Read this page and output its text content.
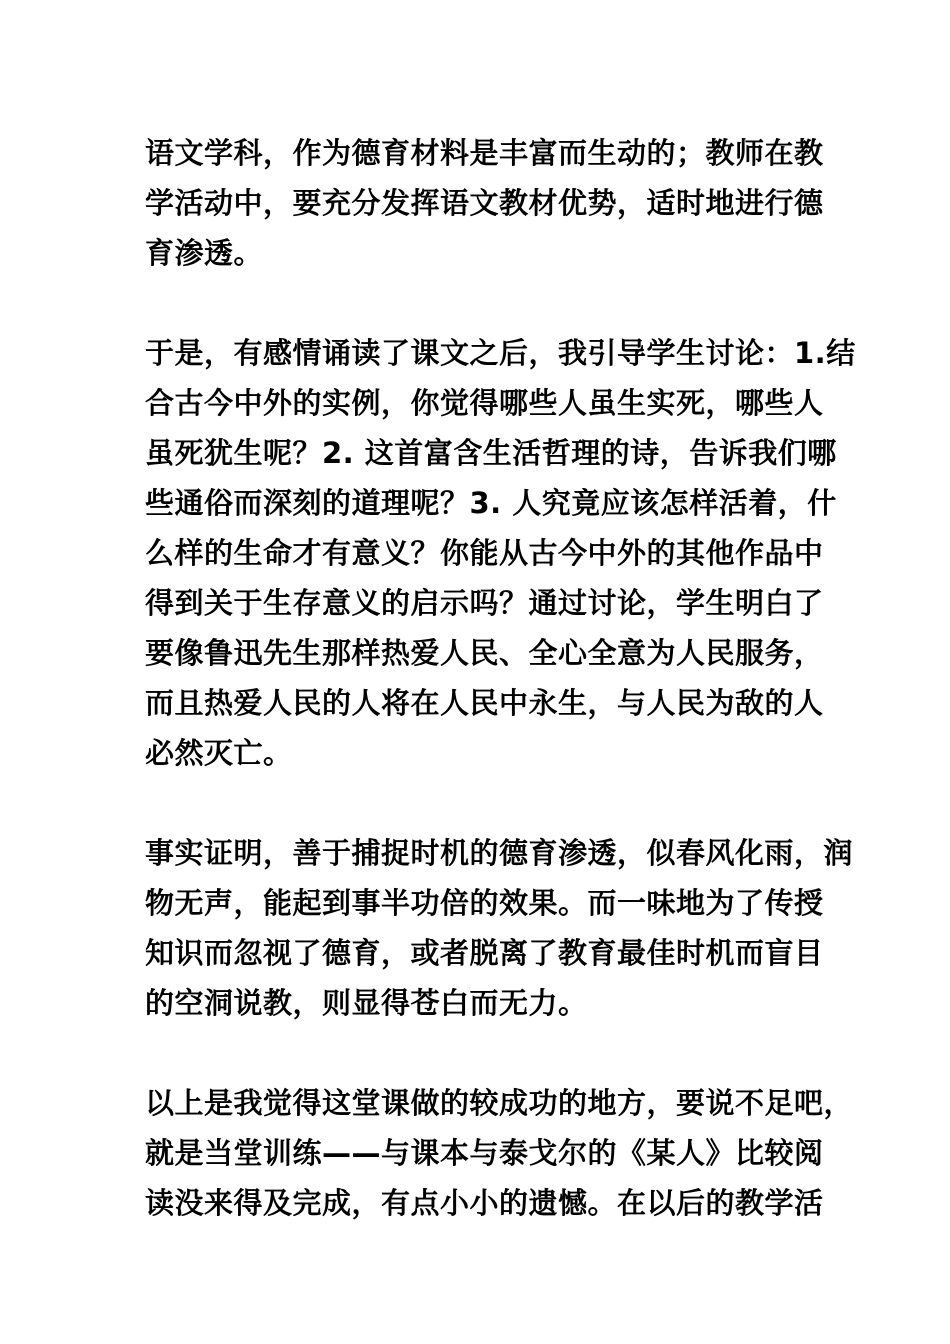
语文学科，作为德育材料是丰富而生动的；教师在教
学活动中，要充分发挥语文教材优势，适时地进行德
育渗透。
于是，有感情诵读了课文之后，我引导学生讨论：1.结
合古今中外的实例，你觉得哪些人虽生实死，哪些人
虽死犹生呢？2. 这首富含生活哲理的诗，告诉我们哪
些通俗而深刻的道理呢？3. 人究竟应该怎样活着，什
么样的生命才有意义？你能从古今中外的其他作品中
得到关于生存意义的启示吗？通过讨论，学生明白了
要像鲁迅先生那样热爱人民、全心全意为人民服务，
而且热爱人民的人将在人民中永生，与人民为敌的人
必然灭亡。
事实证明，善于捕捉时机的德育渗透，似春风化雨，润
物无声，能起到事半功倍的效果。而一味地为了传授
知识而忽视了德育，或者脱离了教育最佳时机而盲目
的空洞说教，则显得苍白而无力。
以上是我觉得这堂课做的较成功的地方，要说不足吧，
就是当堂训练——与课本与泰戈尔的《某人》比较阅
读没来得及完成，有点小小的遗憾。在以后的教学活
